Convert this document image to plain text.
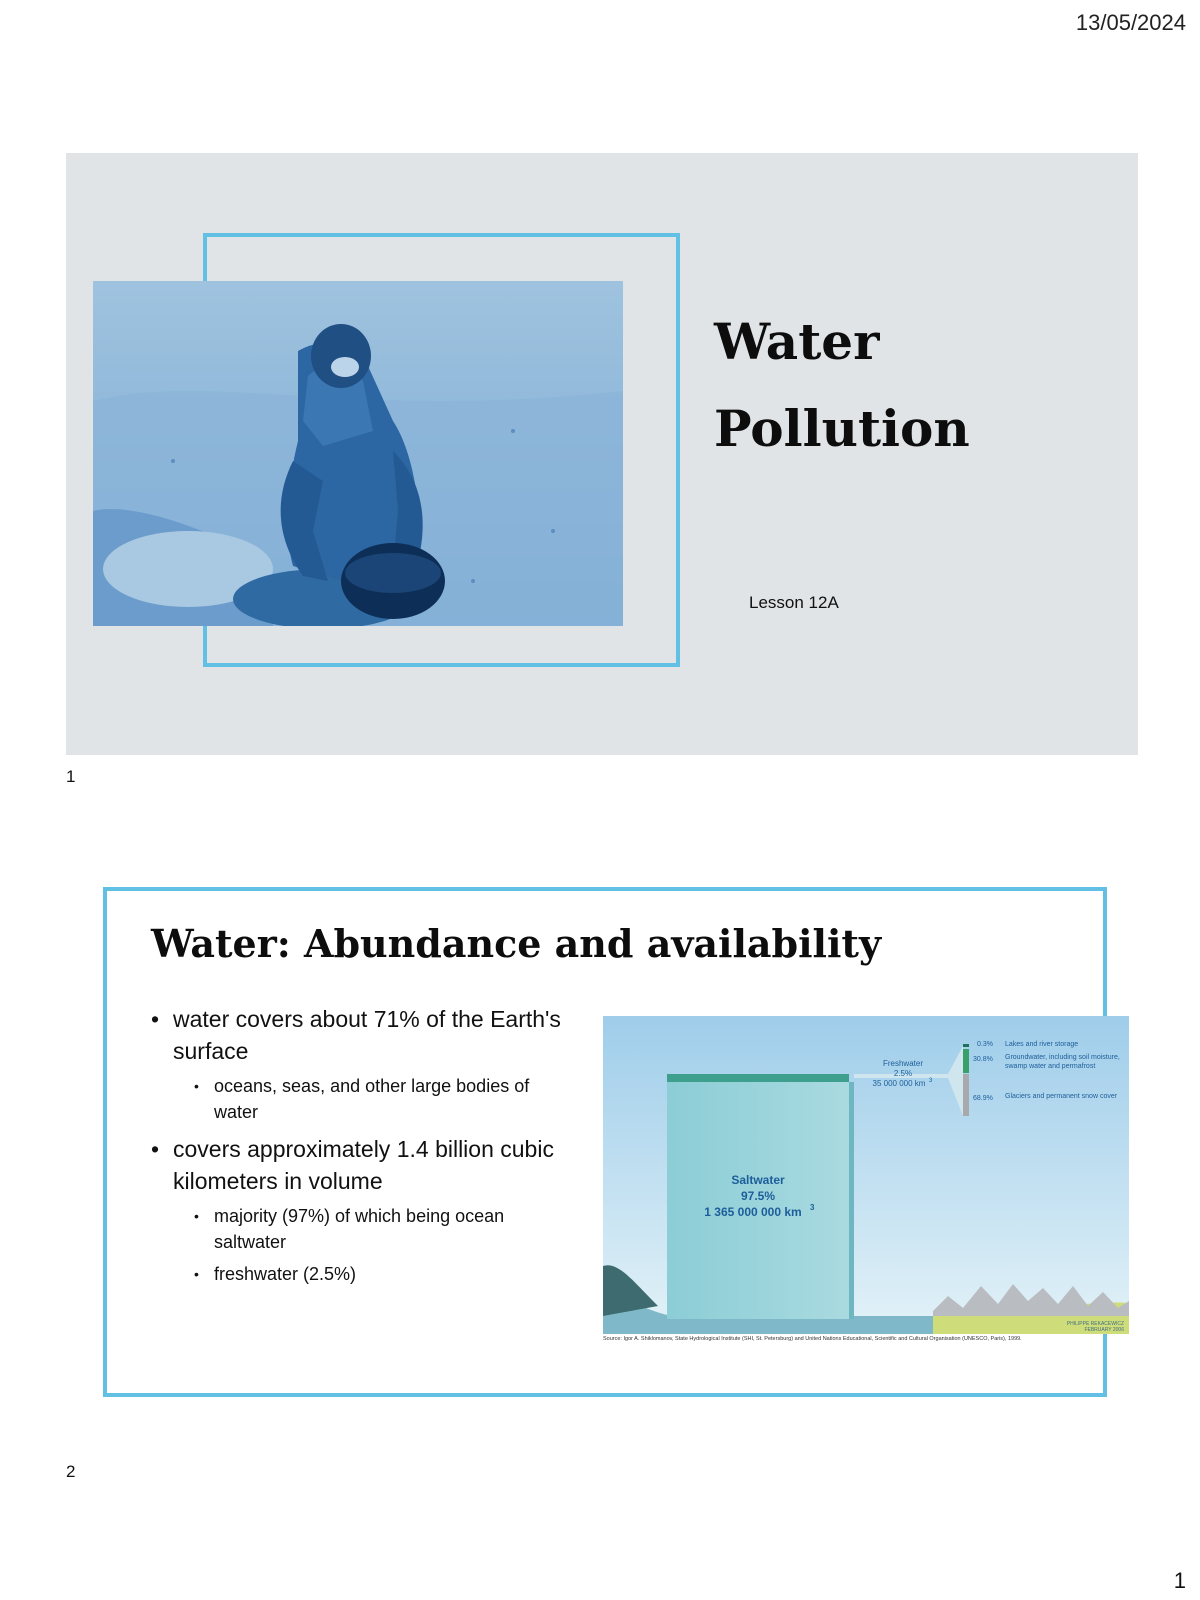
13/05/2024
Water
Pollution
Lesson 12A
1
Water: Abundance and availability
• water covers about 71% of the Earth's surface
• oceans, seas, and other large bodies of water
• covers approximately 1.4 billion cubic kilometers in volume
• majority (97%) of which being ocean saltwater
• freshwater (2.5%)
Saltwater
97.5%
1 365 000 000 km 3
Freshwater
2.5%
35 000 000 km 3
0.3% Lakes and river storage
30.8% Groundwater, including soil moisture, swamp water and permafrost
68.9% Glaciers and permanent snow cover
PHILIPPE REKACEWICZ FEBRUARY 2006
Source: Igor A. Shiklomanov, State Hydrological Institute (SHI, St. Petersburg) and United Nations Educational, Scientific and Cultural Organisation (UNESCO, Paris), 1999.
2
1
